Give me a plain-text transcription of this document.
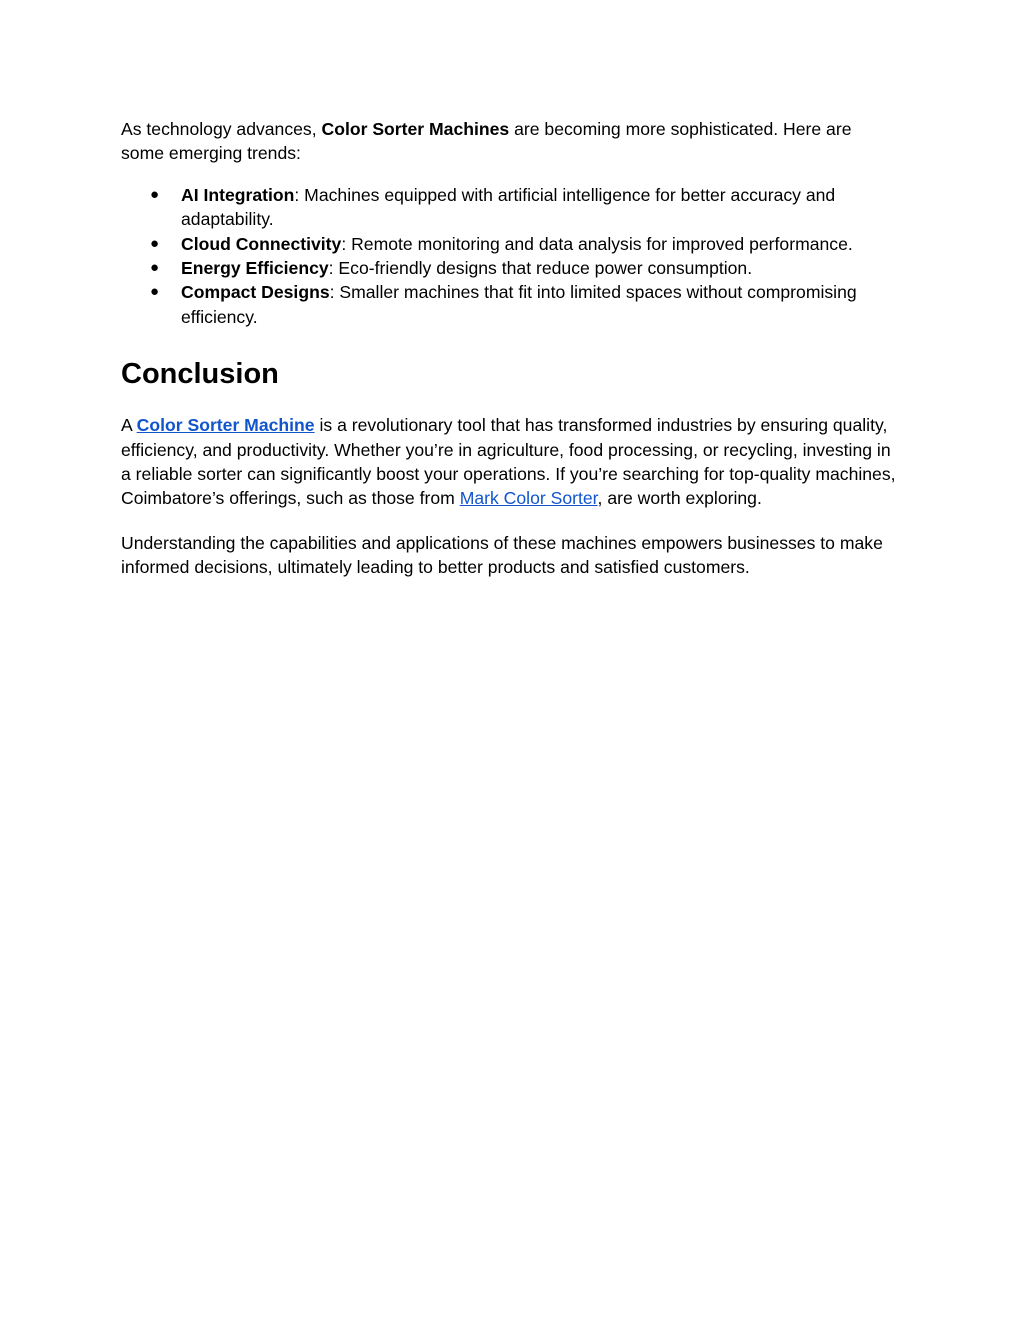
As technology advances, Color Sorter Machines are becoming more sophisticated. Here are some emerging trends:

● AI Integration: Machines equipped with artificial intelligence for better accuracy and adaptability.
● Cloud Connectivity: Remote monitoring and data analysis for improved performance.
● Energy Efficiency: Eco-friendly designs that reduce power consumption.
● Compact Designs: Smaller machines that fit into limited spaces without compromising efficiency.
Conclusion

A Color Sorter Machine is a revolutionary tool that has transformed industries by ensuring quality, efficiency, and productivity. Whether you’re in agriculture, food processing, or recycling, investing in a reliable sorter can significantly boost your operations. If you’re searching for top-quality machines, Coimbatore’s offerings, such as those from Mark Color Sorter, are worth exploring.

Understanding the capabilities and applications of these machines empowers businesses to make informed decisions, ultimately leading to better products and satisfied customers.
